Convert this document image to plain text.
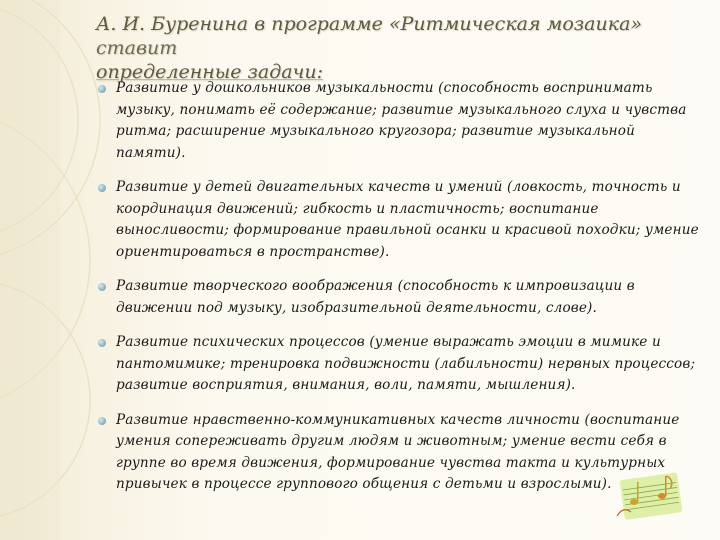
А. И. Буренина в программе «Ритмическая мозаика» ставит
определенные задачи:
Развитие у дошкольников музыкальности (способность воспринимать музыку, понимать её содержание; развитие музыкального слуха и чувства ритма; расширение музыкального кругозора; развитие музыкальной памяти).
Развитие у детей двигательных качеств и умений (ловкость, точность и координация движений; гибкость и пластичность; воспитание выносливости; формирование правильной осанки и красивой походки; умение ориентироваться в пространстве).
Развитие творческого воображения (способность к импровизации в движении под музыку, изобразительной деятельности, слове).
Развитие психических процессов (умение выражать эмоции в мимике и пантомимике; тренировка подвижности (лабильности) нервных процессов; развитие восприятия, внимания, воли, памяти, мышления).
Развитие нравственно-коммуникативных качеств личности (воспитание умения сопереживать другим людям и животным; умение вести себя в группе во время движения, формирование чувства такта и культурных привычек в процессе группового общения с детьми и взрослыми).
